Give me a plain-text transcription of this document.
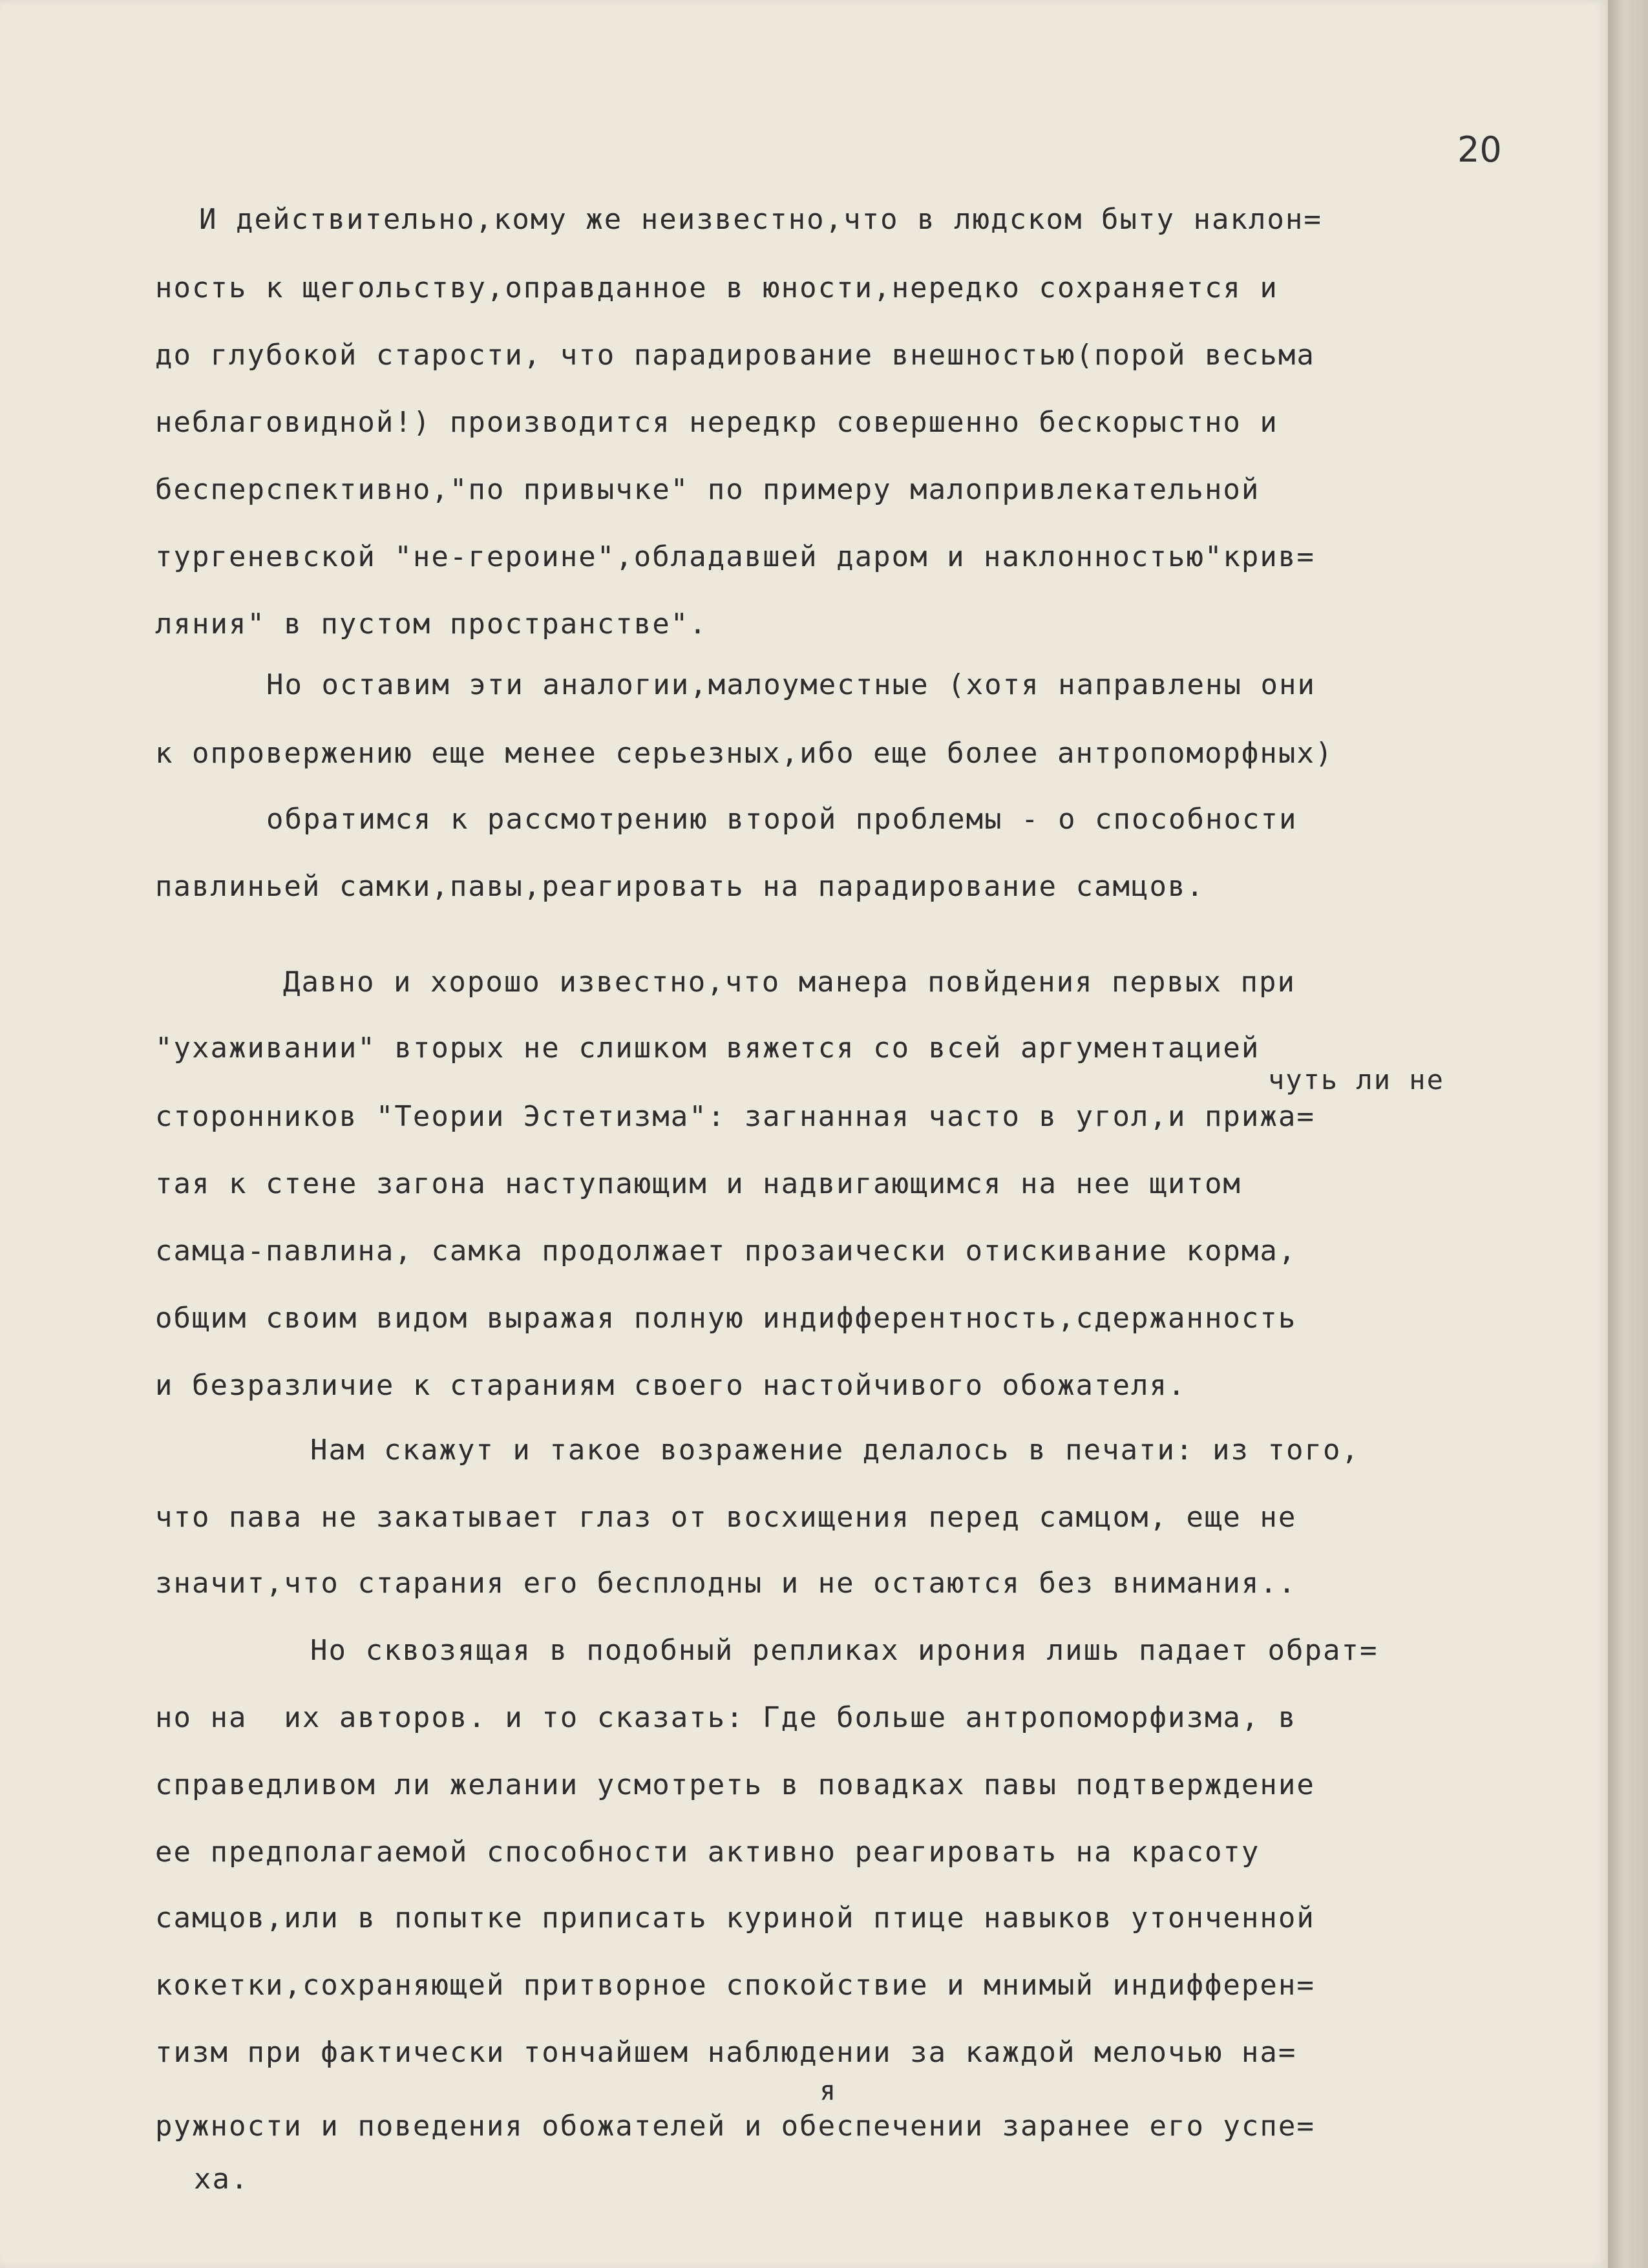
20
И действительно,кому же неизвестно,что в людском быту наклон=
ность к щегольству,оправданное в юности,нередко сохраняется и
до глубокой старости, что парадирование внешностью(порой весьма
неблаговидной!) производится нередкр совершенно бескорыстно и
бесперспективно,"по привычке" по примеру малопривлекательной
тургеневской "не-героине",обладавшей даром и наклонностью"крив=
ляния" в пустом пространстве".
Но оставим эти аналогии,малоуместные (хотя направлены они
к опровержению еще менее серьезных,ибо еще более антропоморфных)
обратимся к рассмотрению второй проблемы - о способности
павлиньей самки,павы,реагировать на парадирование самцов.
Давно и хорошо известно,что манера повйдения первых при
"ухаживании" вторых не слишком вяжется со всей аргументацией
чуть ли не
сторонников "Теории Эстетизма": загнанная часто в угол,и прижа=
тая к стене загона наступающим и надвигающимся на нее щитом
самца-павлина, самка продолжает прозаически отискивание корма,
общим своим видом выражая полную индифферентность,сдержанность
и безразличие к стараниям своего настойчивого обожателя.
Нам скажут и такое возражение делалось в печати: из того,
что пава не закатывает глаз от восхищения перед самцом, еще не
значит,что старания его бесплодны и не остаются без внимания..
Но сквозящая в подобный репликах ирония лишь падает обрат=
но на  их авторов. и то сказать: Где больше антропоморфизма, в
справедливом ли желании усмотреть в повадках павы подтверждение
ее предполагаемой способности активно реагировать на красоту
самцов,или в попытке приписать куриной птице навыков утонченной
кокетки,сохраняющей притворное спокойствие и мнимый индифферен=
тизм при фактически тончайшем наблюдении за каждой мелочью на=
я
ружности и поведения обожателей и обеспечении заранее его успе=
ха.
